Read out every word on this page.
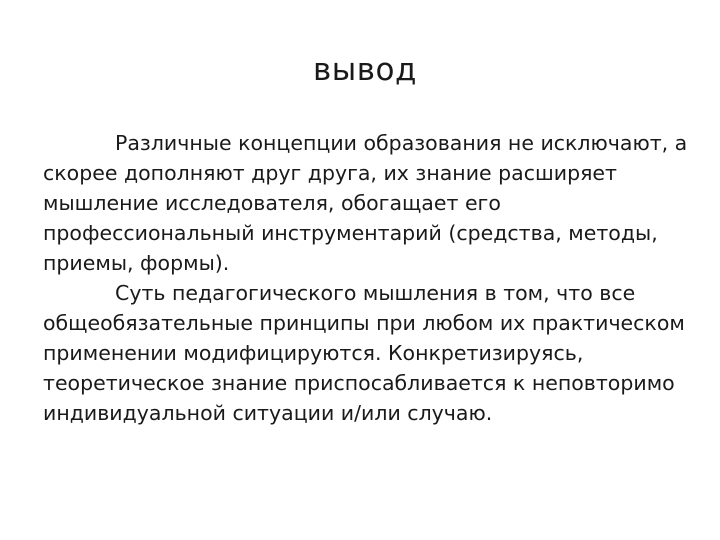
вывод

Различные концепции образования не исключают, а скорее дополняют друг друга, их знание расширяет мышление исследователя, обогащает его профессиональный инструментарий (средства, методы, приемы, формы).

Суть педагогического мышления в том, что все общеобязательные принципы при любом их практическом применении модифицируются. Конкретизируясь, теоретическое знание приспосабливается к неповторимо индивидуальной ситуации и/или случаю.
